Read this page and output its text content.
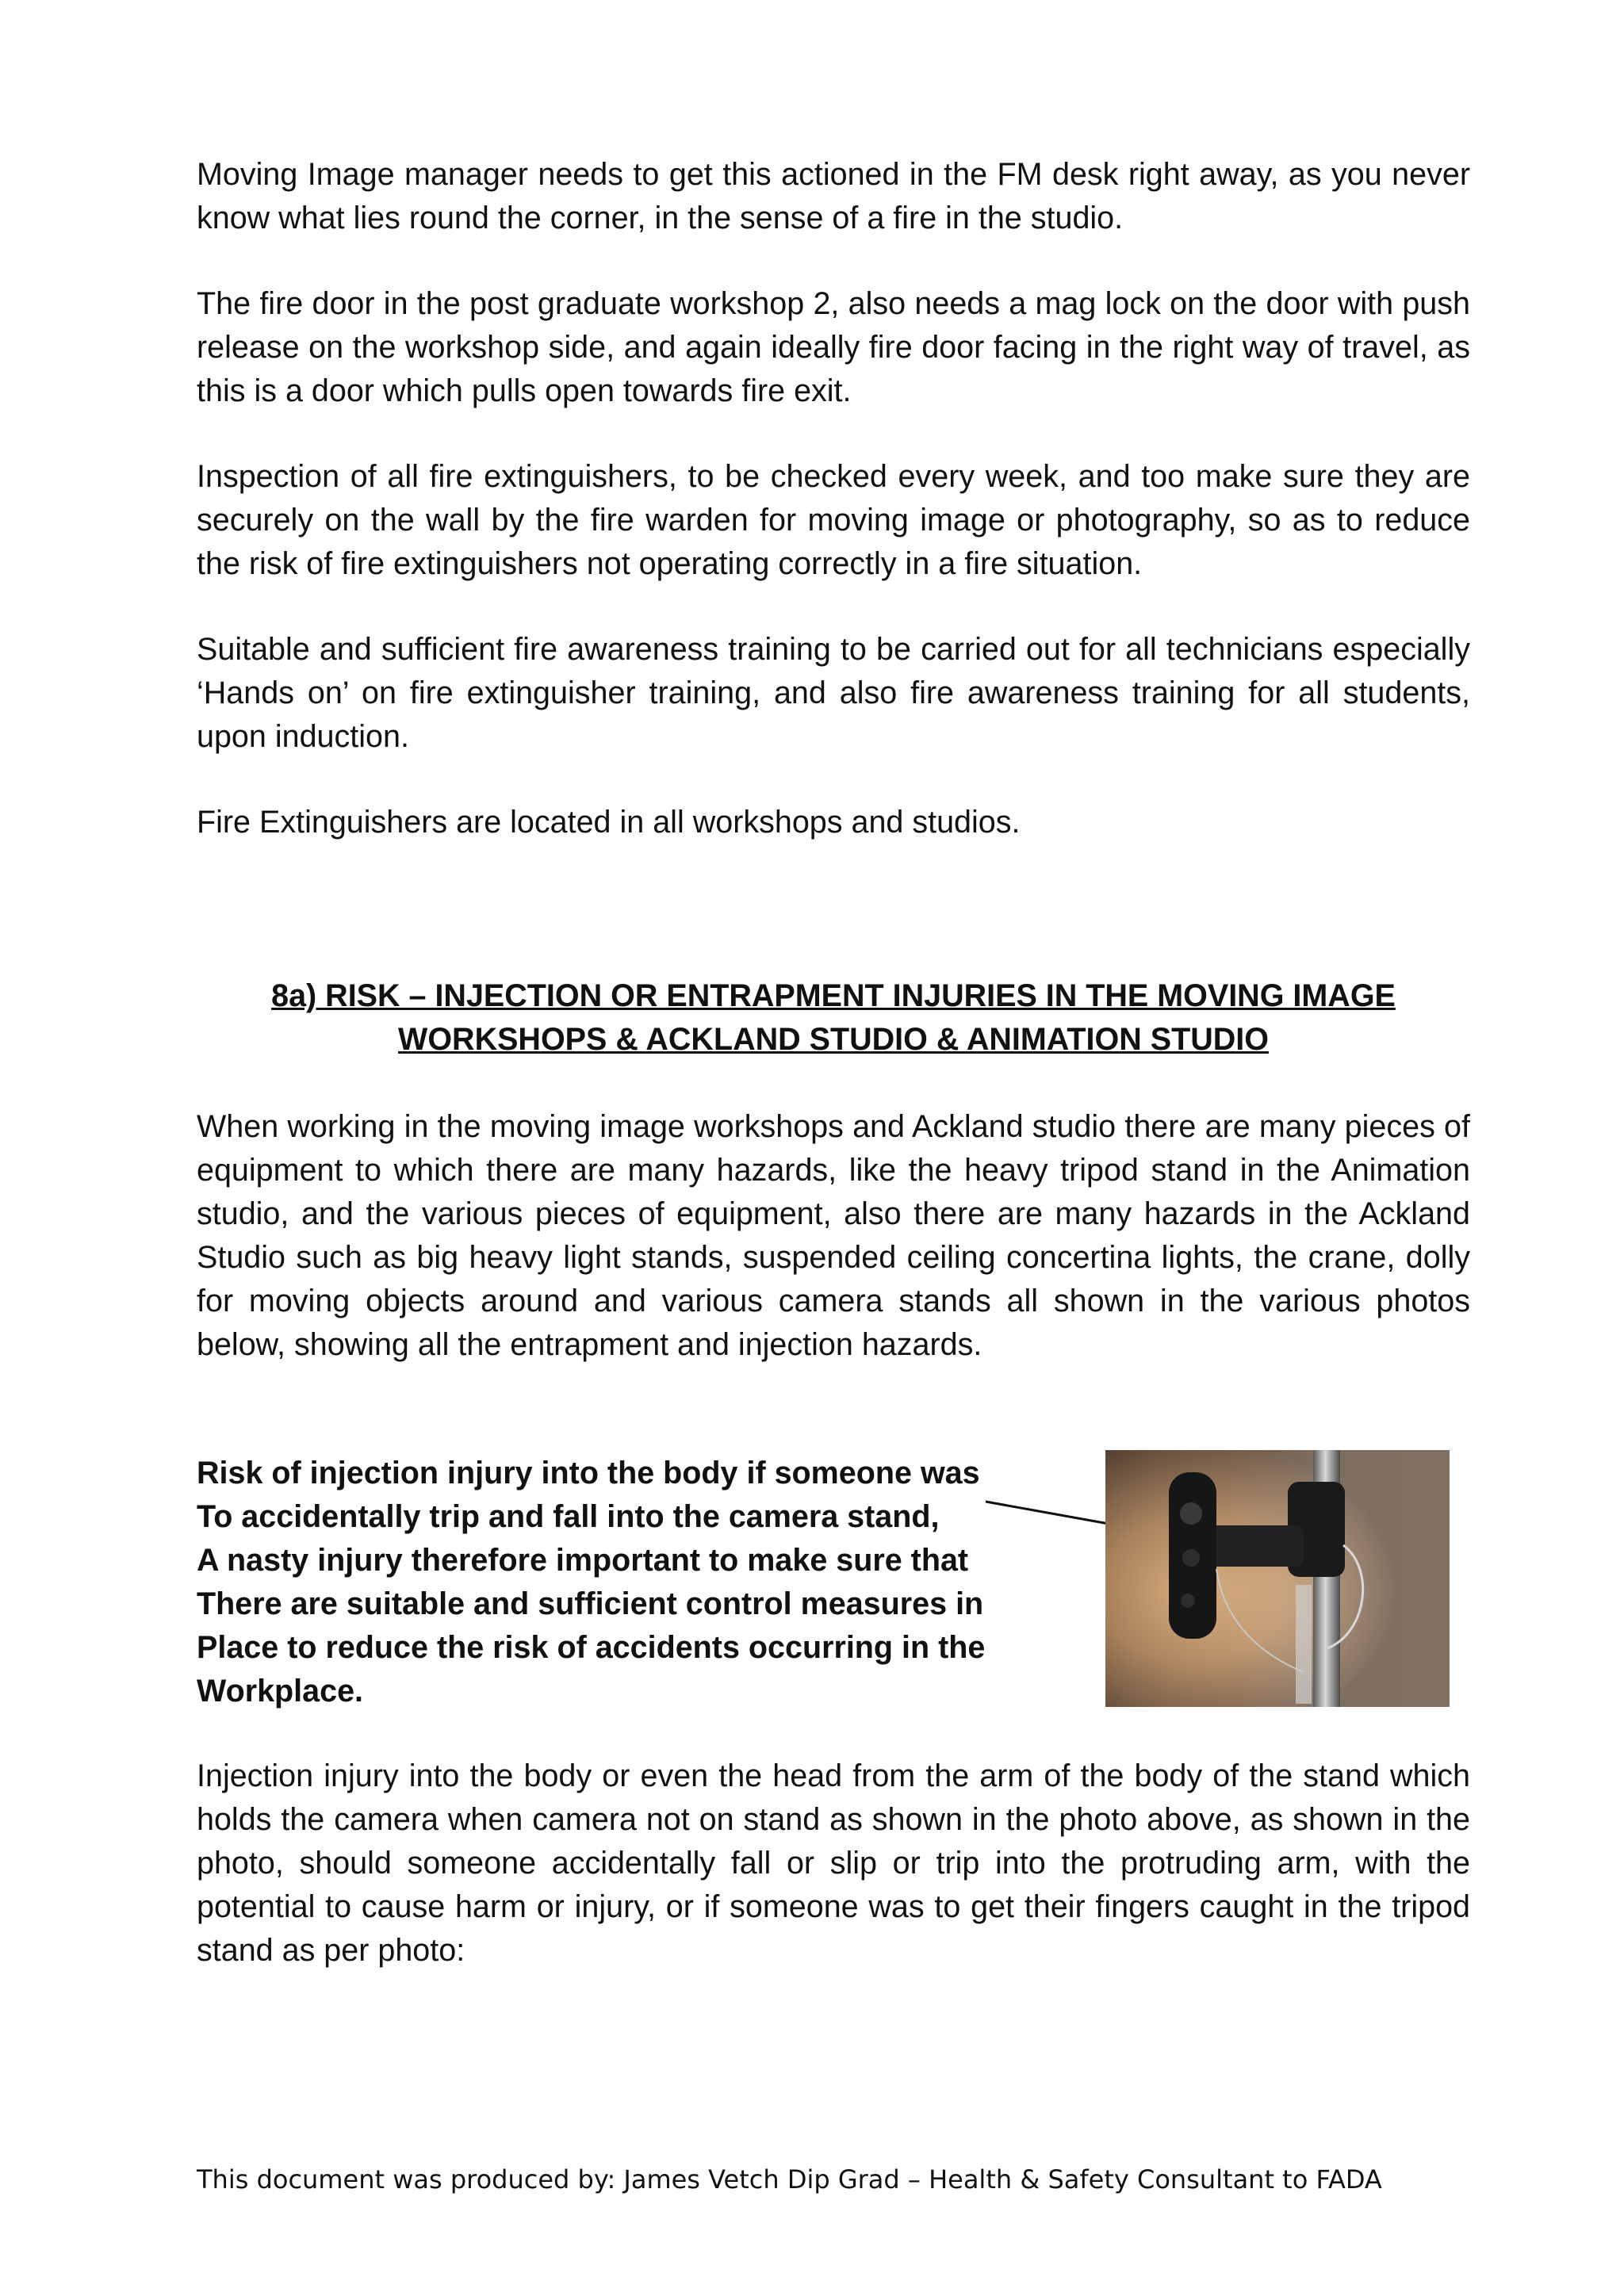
Moving Image manager needs to get this actioned in the FM desk right away, as you never know what lies round the corner, in the sense of a fire in the studio.

The fire door in the post graduate workshop 2, also needs a mag lock on the door with push release on the workshop side, and again ideally fire door facing in the right way of travel, as this is a door which pulls open towards fire exit.

Inspection of all fire extinguishers, to be checked every week, and too make sure they are securely on the wall by the fire warden for moving image or photography, so as to reduce the risk of fire extinguishers not operating correctly in a fire situation.

Suitable and sufficient fire awareness training to be carried out for all technicians especially ‘Hands on’ on fire extinguisher training, and also fire awareness training for all students, upon induction.

Fire Extinguishers are located in all workshops and studios.

8a) RISK – INJECTION OR ENTRAPMENT INJURIES IN THE MOVING IMAGE
WORKSHOPS & ACKLAND STUDIO & ANIMATION STUDIO

When working in the moving image workshops and Ackland studio there are many pieces of equipment to which there are many hazards, like the heavy tripod stand in the Animation studio, and the various pieces of equipment, also there are many hazards in the Ackland Studio such as big heavy light stands, suspended ceiling concertina lights, the crane, dolly for moving objects around and various camera stands all shown in the various photos below, showing all the entrapment and injection hazards.

Risk of injection injury into the body if someone was
To accidentally trip and fall into the camera stand,
A nasty injury therefore important to make sure that
There are suitable and sufficient control measures in
Place to reduce the risk of accidents occurring in the
Workplace.

Injection injury into the body or even the head from the arm of the body of the stand which holds the camera when camera not on stand as shown in the photo above, as shown in the photo, should someone accidentally fall or slip or trip into the protruding arm, with the potential to cause harm or injury, or if someone was to get their fingers caught in the tripod stand as per photo:

This document was produced by: James Vetch Dip Grad – Health & Safety Consultant to FADA
